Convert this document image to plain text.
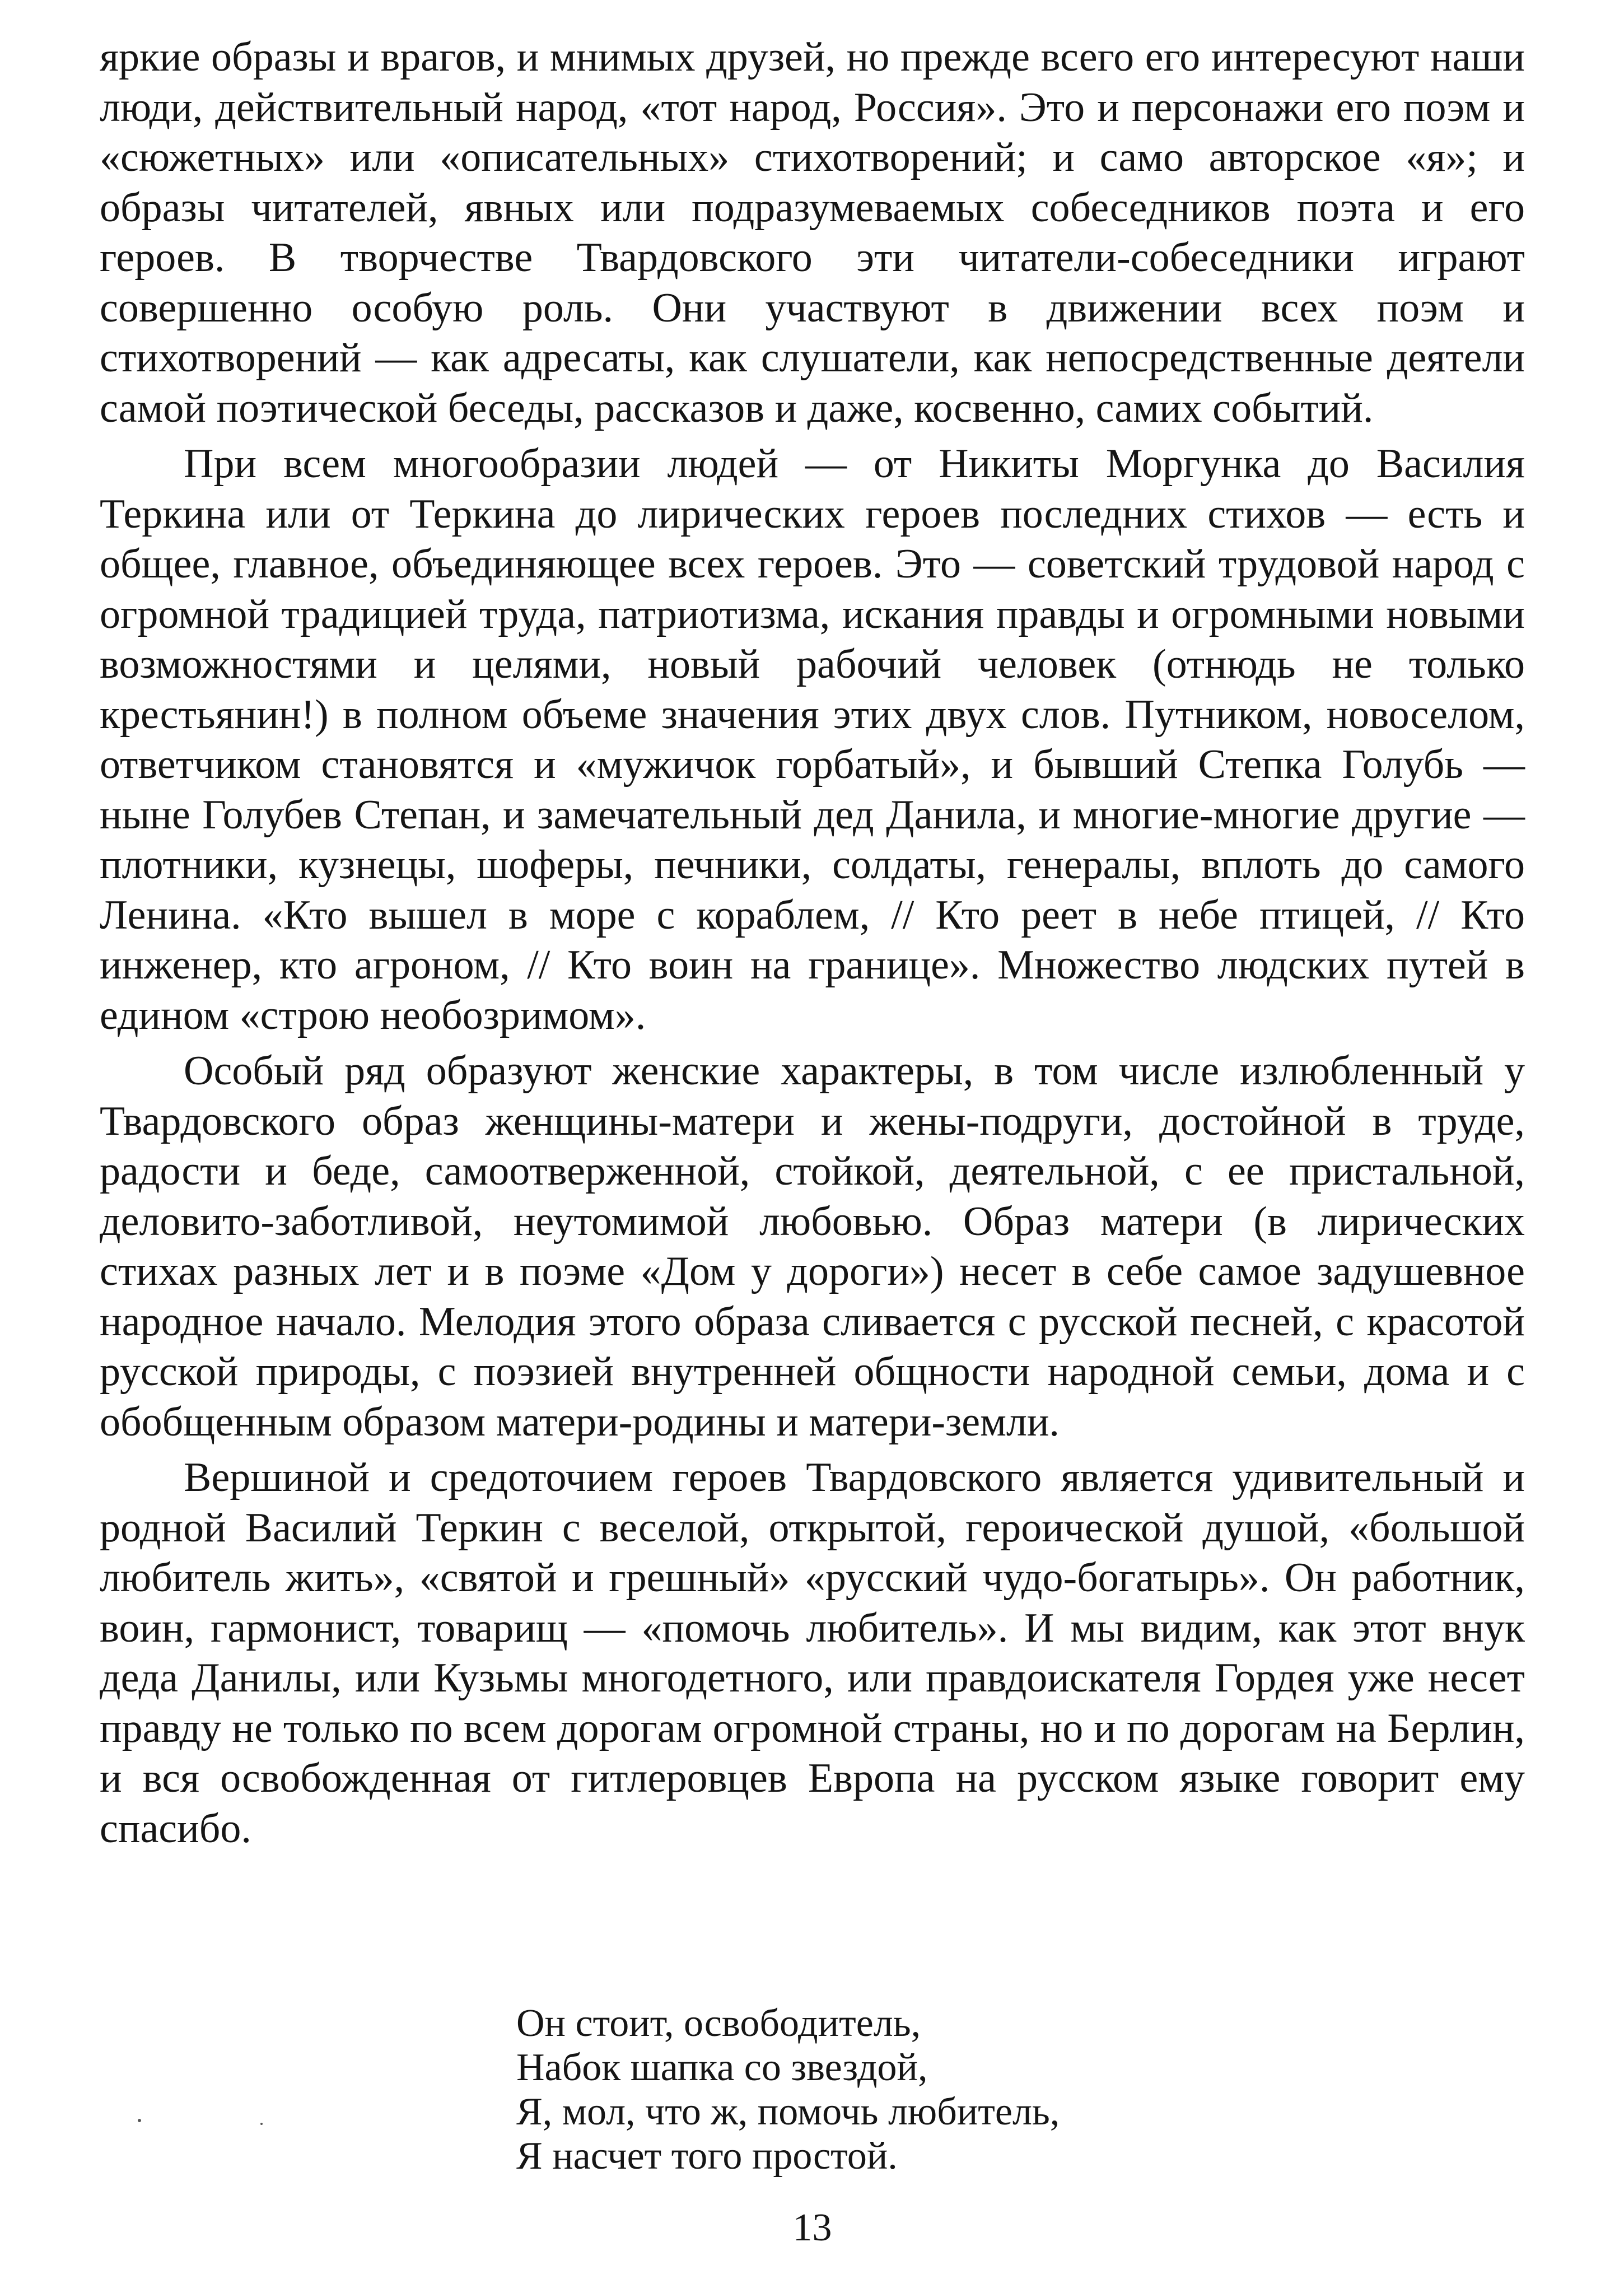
яркие образы и врагов, и мнимых друзей, но прежде всего его интересуют наши люди, действительный народ, «тот народ, Россия». Это и персонажи его поэм и «сюжетных» или «описательных» стихотворений; и само авторское «я»; и образы читателей, явных или подразумеваемых собеседников поэта и его героев. В творчестве Твардовского эти читатели-собеседники играют совершенно особую роль. Они участвуют в движении всех поэм и стихотворений — как адресаты, как слушатели, как непосредственные деятели самой поэтической беседы, рассказов и даже, косвенно, самих событий.

При всем многообразии людей — от Никиты Моргунка до Василия Теркина или от Теркина до лирических героев последних стихов — есть и общее, главное, объединяющее всех героев. Это — советский трудовой народ с огромной традицией труда, патриотизма, искания правды и огромными новыми возможностями и целями, новый рабочий человек (отнюдь не только крестьянин!) в полном объеме значения этих двух слов. Путником, новоселом, ответчиком становятся и «мужичок горбатый», и бывший Степка Голубь — ныне Голубев Степан, и замечательный дед Данила, и многие-многие другие — плотники, кузнецы, шоферы, печники, солдаты, генералы, вплоть до самого Ленина. «Кто вышел в море с кораблем, // Кто реет в небе птицей, // Кто инженер, кто агроном, // Кто воин на границе». Множество людских путей в едином «строю необозримом».

Особый ряд образуют женские характеры, в том числе излюбленный у Твардовского образ женщины-матери и жены-подруги, достойной в труде, радости и беде, самоотверженной, стойкой, деятельной, с ее пристальной, деловито-заботливой, неутомимой любовью. Образ матери (в лирических стихах разных лет и в поэме «Дом у дороги») несет в себе самое задушевное народное начало. Мелодия этого образа сливается с русской песней, с красотой русской природы, с поэзией внутренней общности народной семьи, дома и с обобщенным образом матери-родины и матери-земли.

Вершиной и средоточием героев Твардовского является удивительный и родной Василий Теркин с веселой, открытой, героической душой, «большой любитель жить», «святой и грешный» «русский чудо-богатырь». Он работник, воин, гармонист, товарищ — «помочь любитель». И мы видим, как этот внук деда Данилы, или Кузьмы многодетного, или правдоискателя Гордея уже несет правду не только по всем дорогам огромной страны, но и по дорогам на Берлин, и вся освобожденная от гитлеровцев Европа на русском языке говорит ему спасибо.

Он стоит, освободитель,
Набок шапка со звездой,
Я, мол, что ж, помочь любитель,
Я насчет того простой.
13
